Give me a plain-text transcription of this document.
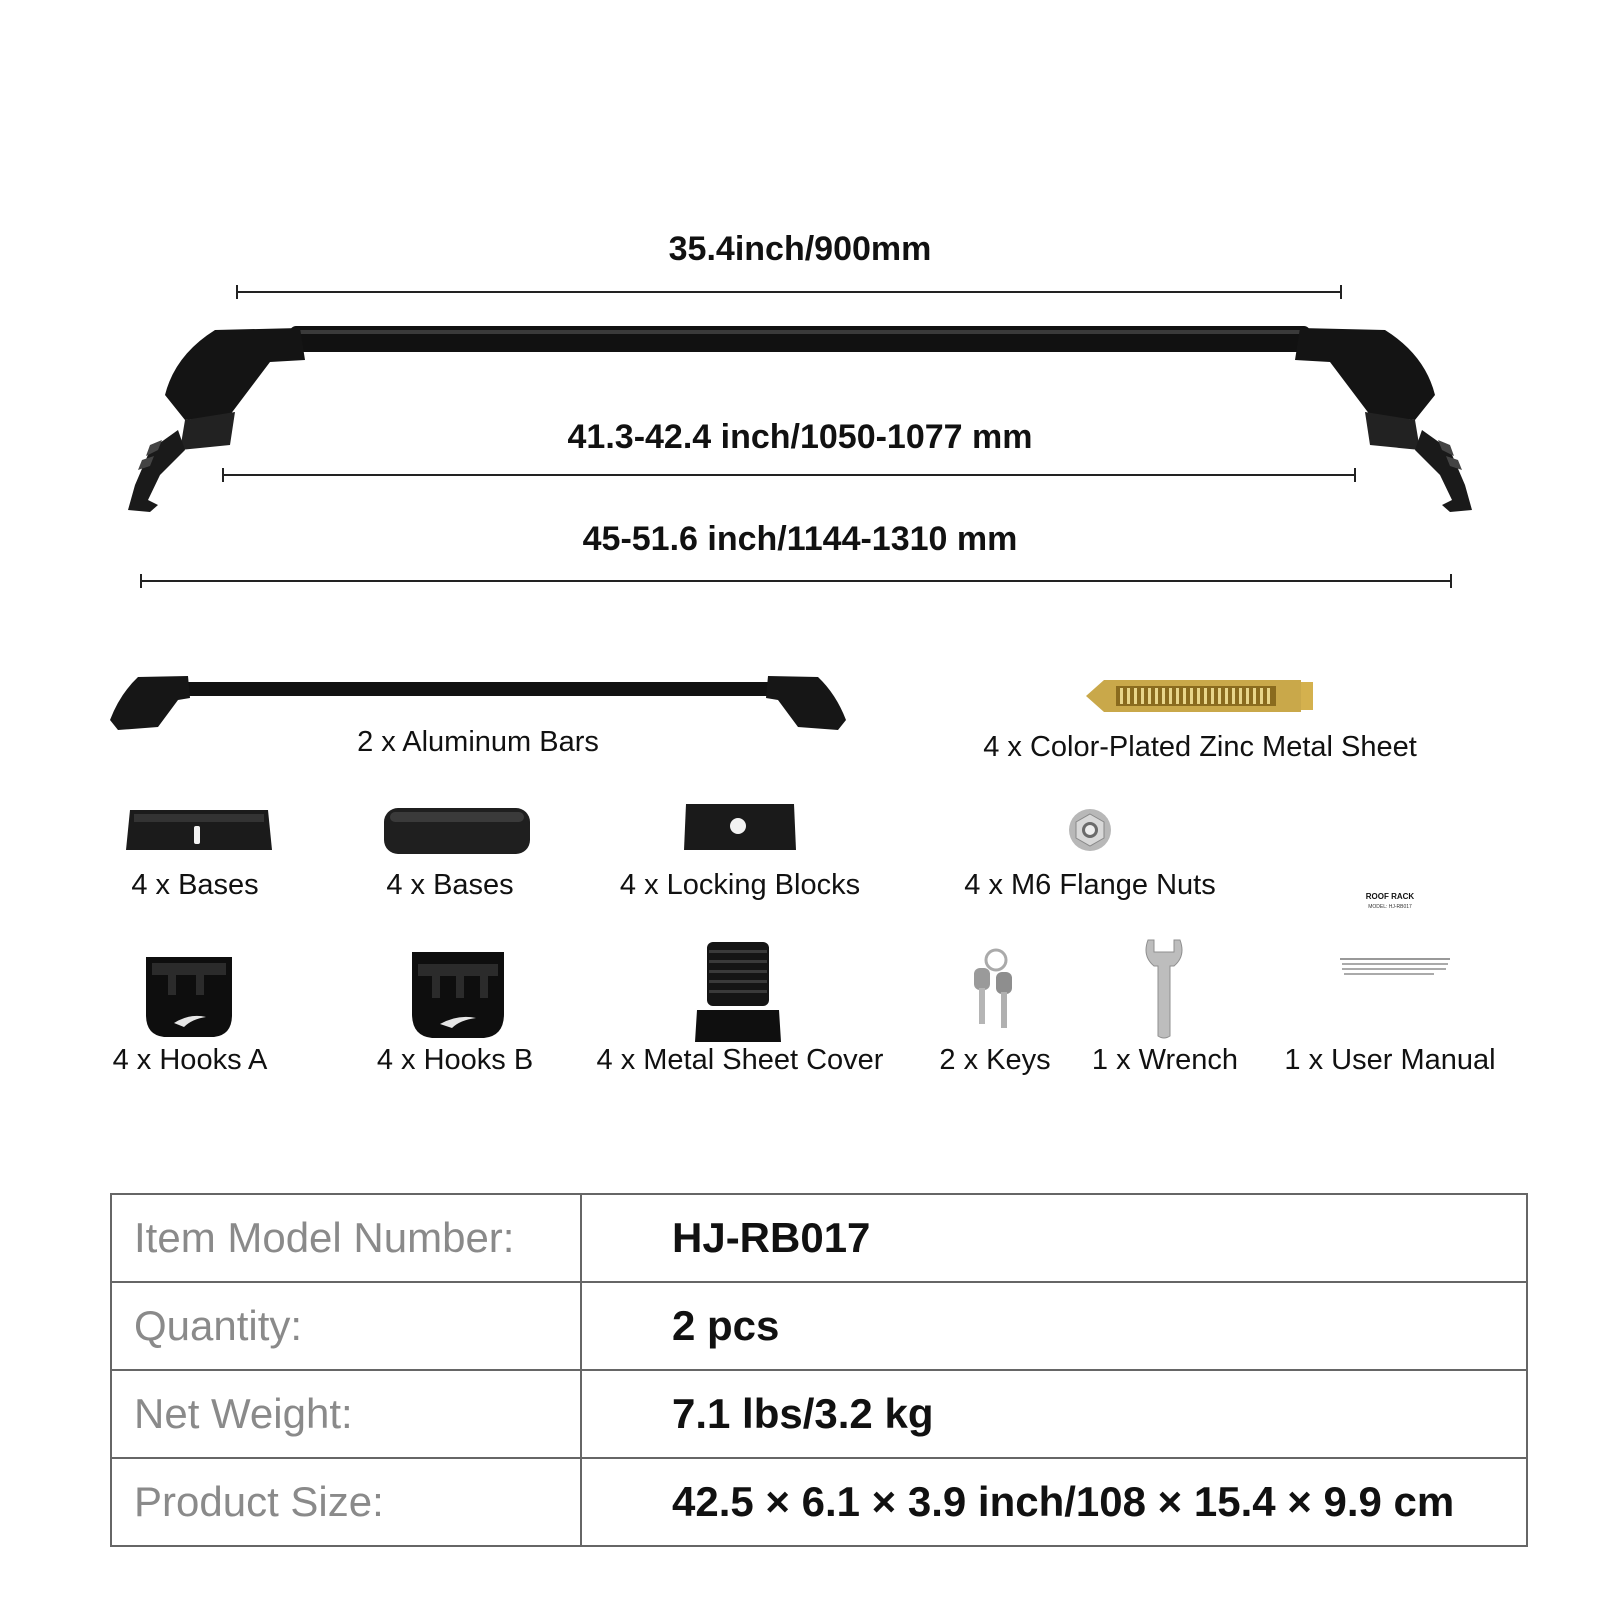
35.4inch/900mm
41.3-42.4 inch/1050-1077 mm
45-51.6 inch/1144-1310 mm
2 x Aluminum Bars	4 x Color-Plated Zinc Metal Sheet
4 x Bases	4 x Bases	4 x Locking Blocks	4 x M6 Flange Nuts
4 x Hooks A	4 x Hooks B	4 x Metal Sheet Cover	2 x Keys	1 x Wrench
ROOF RACK
MODEL: HJ-RB017
1 x User Manual
Item Model Number:	HJ-RB017
Quantity:	2 pcs
Net Weight:	7.1 lbs/3.2 kg
Product Size:	42.5 × 6.1 × 3.9 inch/108 × 15.4 × 9.9 cm
